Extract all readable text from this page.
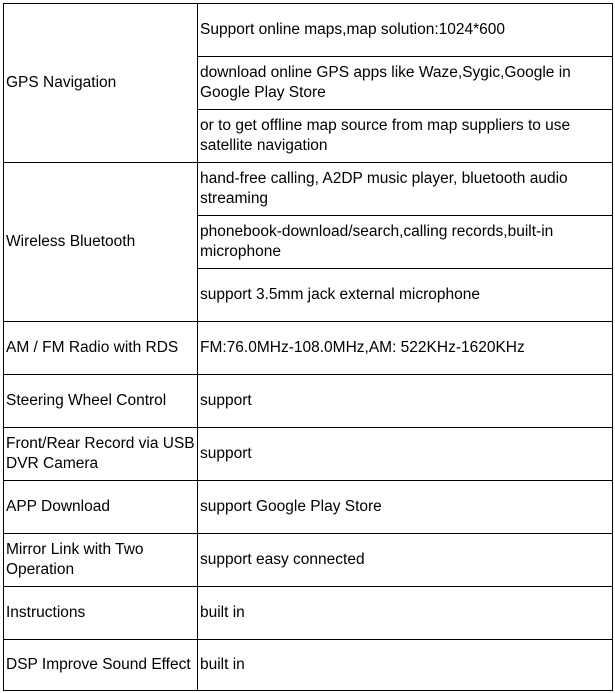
GPS Navigation	Support online maps,map solution:1024*600
	download online GPS apps like Waze,Sygic,Google in Google Play Store
	or to get offline map source from map suppliers to use satellite navigation
Wireless Bluetooth	hand-free calling, A2DP music player, bluetooth audio streaming
	phonebook-download/search,calling records,built-in microphone
	support 3.5mm jack external microphone
AM / FM Radio with RDS	FM:76.0MHz-108.0MHz,AM: 522KHz-1620KHz
Steering Wheel Control	support
Front/Rear Record via USB DVR Camera	support
APP Download	support Google Play Store
Mirror Link with Two Operation	support easy connected
Instructions	built in
DSP Improve Sound Effect	built in
